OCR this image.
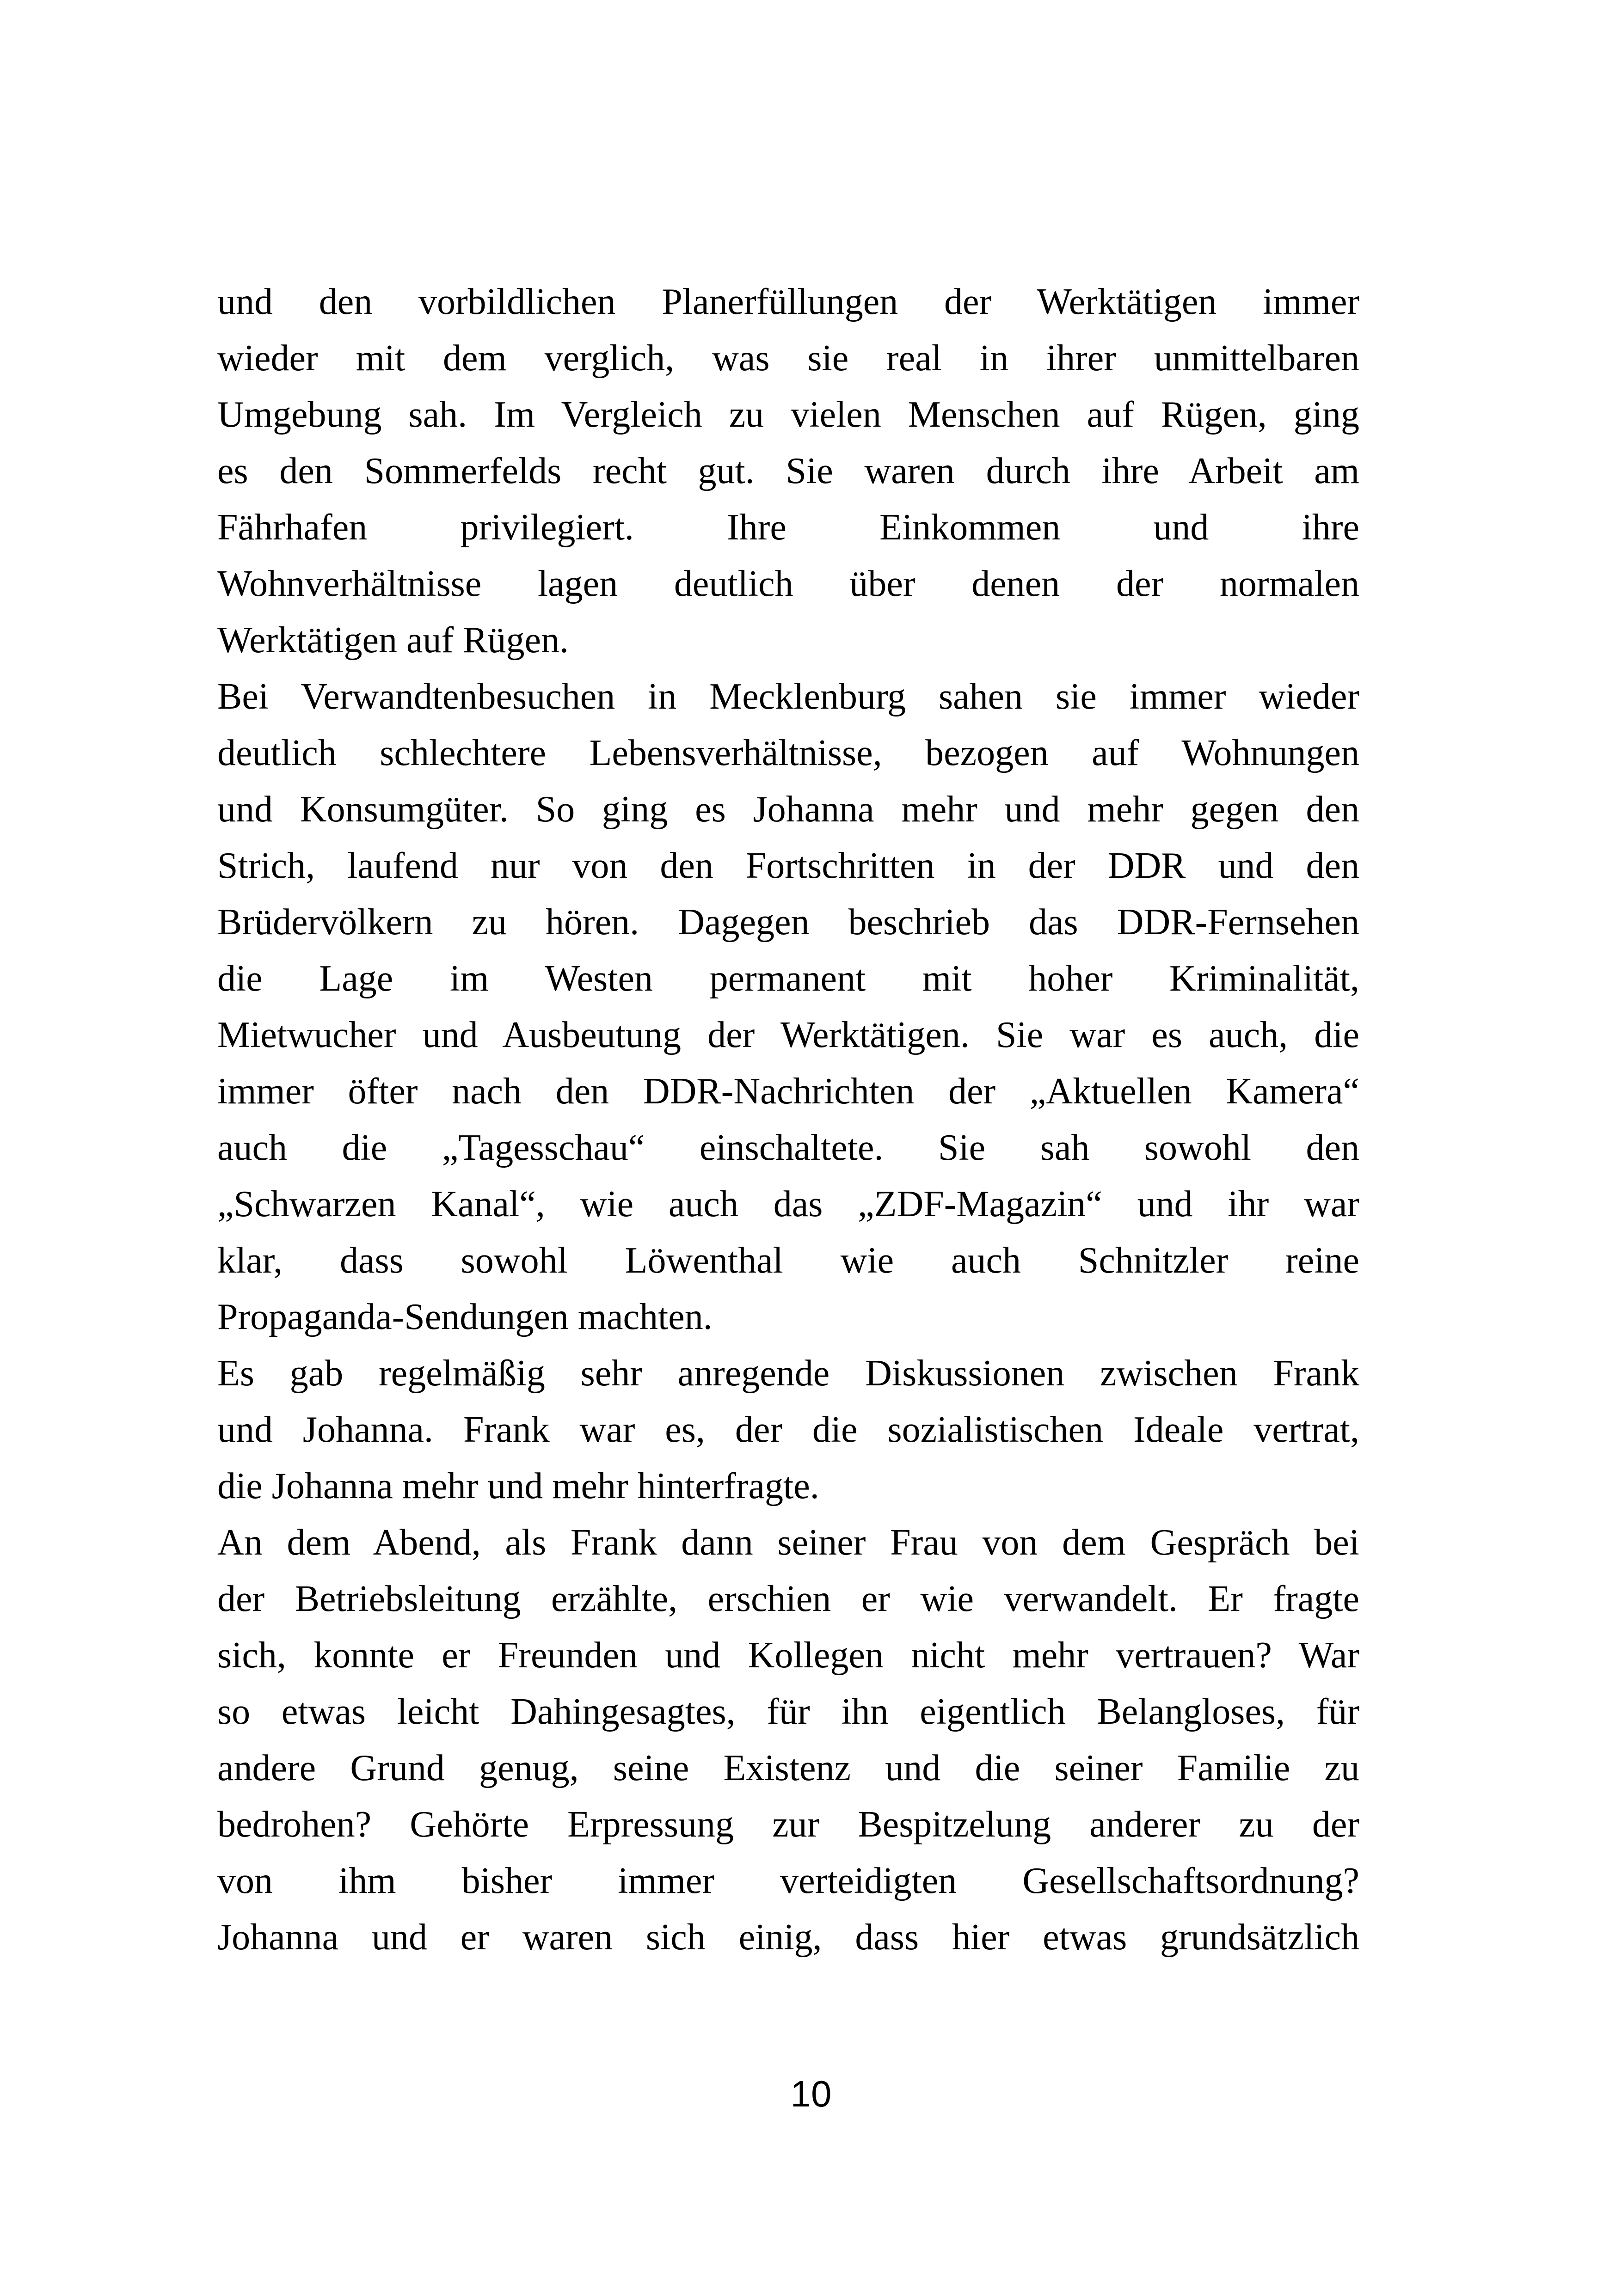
und den vorbildlichen Planerfüllungen der Werktätigen immer
wieder mit dem verglich, was sie real in ihrer unmittelbaren
Umgebung sah. Im Vergleich zu vielen Menschen auf Rügen, ging
es den Sommerfelds recht gut. Sie waren durch ihre Arbeit am
Fährhafen privilegiert. Ihre Einkommen und ihre
Wohnverhältnisse lagen deutlich über denen der normalen
Werktätigen auf Rügen.
Bei Verwandtenbesuchen in Mecklenburg sahen sie immer wieder
deutlich schlechtere Lebensverhältnisse, bezogen auf Wohnungen
und Konsumgüter. So ging es Johanna mehr und mehr gegen den
Strich, laufend nur von den Fortschritten in der DDR und den
Brüdervölkern zu hören. Dagegen beschrieb das DDR-Fernsehen
die Lage im Westen permanent mit hoher Kriminalität,
Mietwucher und Ausbeutung der Werktätigen. Sie war es auch, die
immer öfter nach den DDR-Nachrichten der „Aktuellen Kamera“
auch die „Tagesschau“ einschaltete. Sie sah sowohl den
„Schwarzen Kanal“, wie auch das „ZDF-Magazin“ und ihr war
klar, dass sowohl Löwenthal wie auch Schnitzler reine
Propaganda-Sendungen machten.
Es gab regelmäßig sehr anregende Diskussionen zwischen Frank
und Johanna. Frank war es, der die sozialistischen Ideale vertrat,
die Johanna mehr und mehr hinterfragte.
An dem Abend, als Frank dann seiner Frau von dem Gespräch bei
der Betriebsleitung erzählte, erschien er wie verwandelt. Er fragte
sich, konnte er Freunden und Kollegen nicht mehr vertrauen? War
so etwas leicht Dahingesagtes, für ihn eigentlich Belangloses, für
andere Grund genug, seine Existenz und die seiner Familie zu
bedrohen? Gehörte Erpressung zur Bespitzelung anderer zu der
von ihm bisher immer verteidigten Gesellschaftsordnung?
Johanna und er waren sich einig, dass hier etwas grundsätzlich
10
